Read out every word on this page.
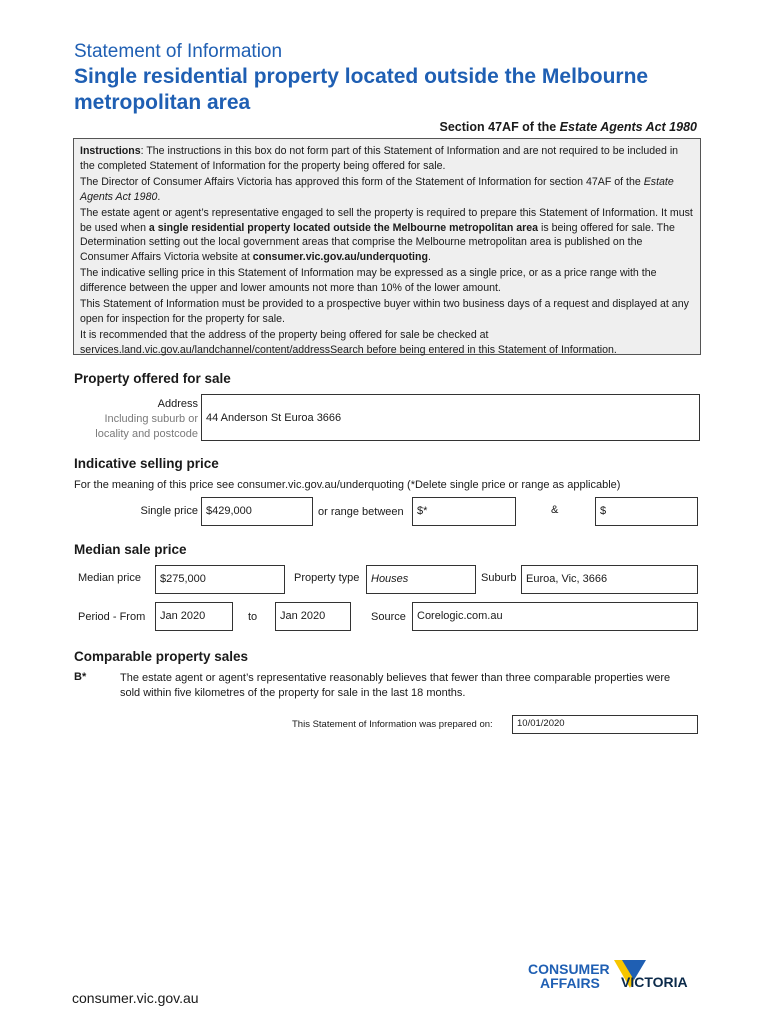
Statement of Information
Single residential property located outside the Melbourne metropolitan area
Section 47AF of the Estate Agents Act 1980

Instructions: The instructions in this box do not form part of this Statement of Information and are not required to be included in the completed Statement of Information for the property being offered for sale.

The Director of Consumer Affairs Victoria has approved this form of the Statement of Information for section 47AF of the Estate Agents Act 1980.

The estate agent or agent’s representative engaged to sell the property is required to prepare this Statement of Information. It must be used when a single residential property located outside the Melbourne metropolitan area is being offered for sale. The Determination setting out the local government areas that comprise the Melbourne metropolitan area is published on the Consumer Affairs Victoria website at consumer.vic.gov.au/underquoting.

The indicative selling price in this Statement of Information may be expressed as a single price, or as a price range with the difference between the upper and lower amounts not more than 10% of the lower amount.

This Statement of Information must be provided to a prospective buyer within two business days of a request and displayed at any open for inspection for the property for sale.

It is recommended that the address of the property being offered for sale be checked at services.land.vic.gov.au/landchannel/content/addressSearch before being entered in this Statement of Information.

Property offered for sale
Address
Including suburb or
locality and postcode
44 Anderson St Euroa 3666
Indicative selling price
For the meaning of this price see consumer.vic.gov.au/underquoting (*Delete single price or range as applicable)
Single price $429,000	or range between	$*	&	$
Median sale price
Median price	$275,000	Property type	Houses	Suburb Euroa, Vic, 3666
Period - From	Jan 2020	to	Jan 2020	Source	Corelogic.com.au
Comparable property sales
B*	The estate agent or agent’s representative reasonably believes that fewer than three comparable properties were sold within five kilometres of the property for sale in the last 18 months.
This Statement of Information was prepared on:	10/01/2020
CONSUMER
AFFAIRS VICTORIA
consumer.vic.gov.au
